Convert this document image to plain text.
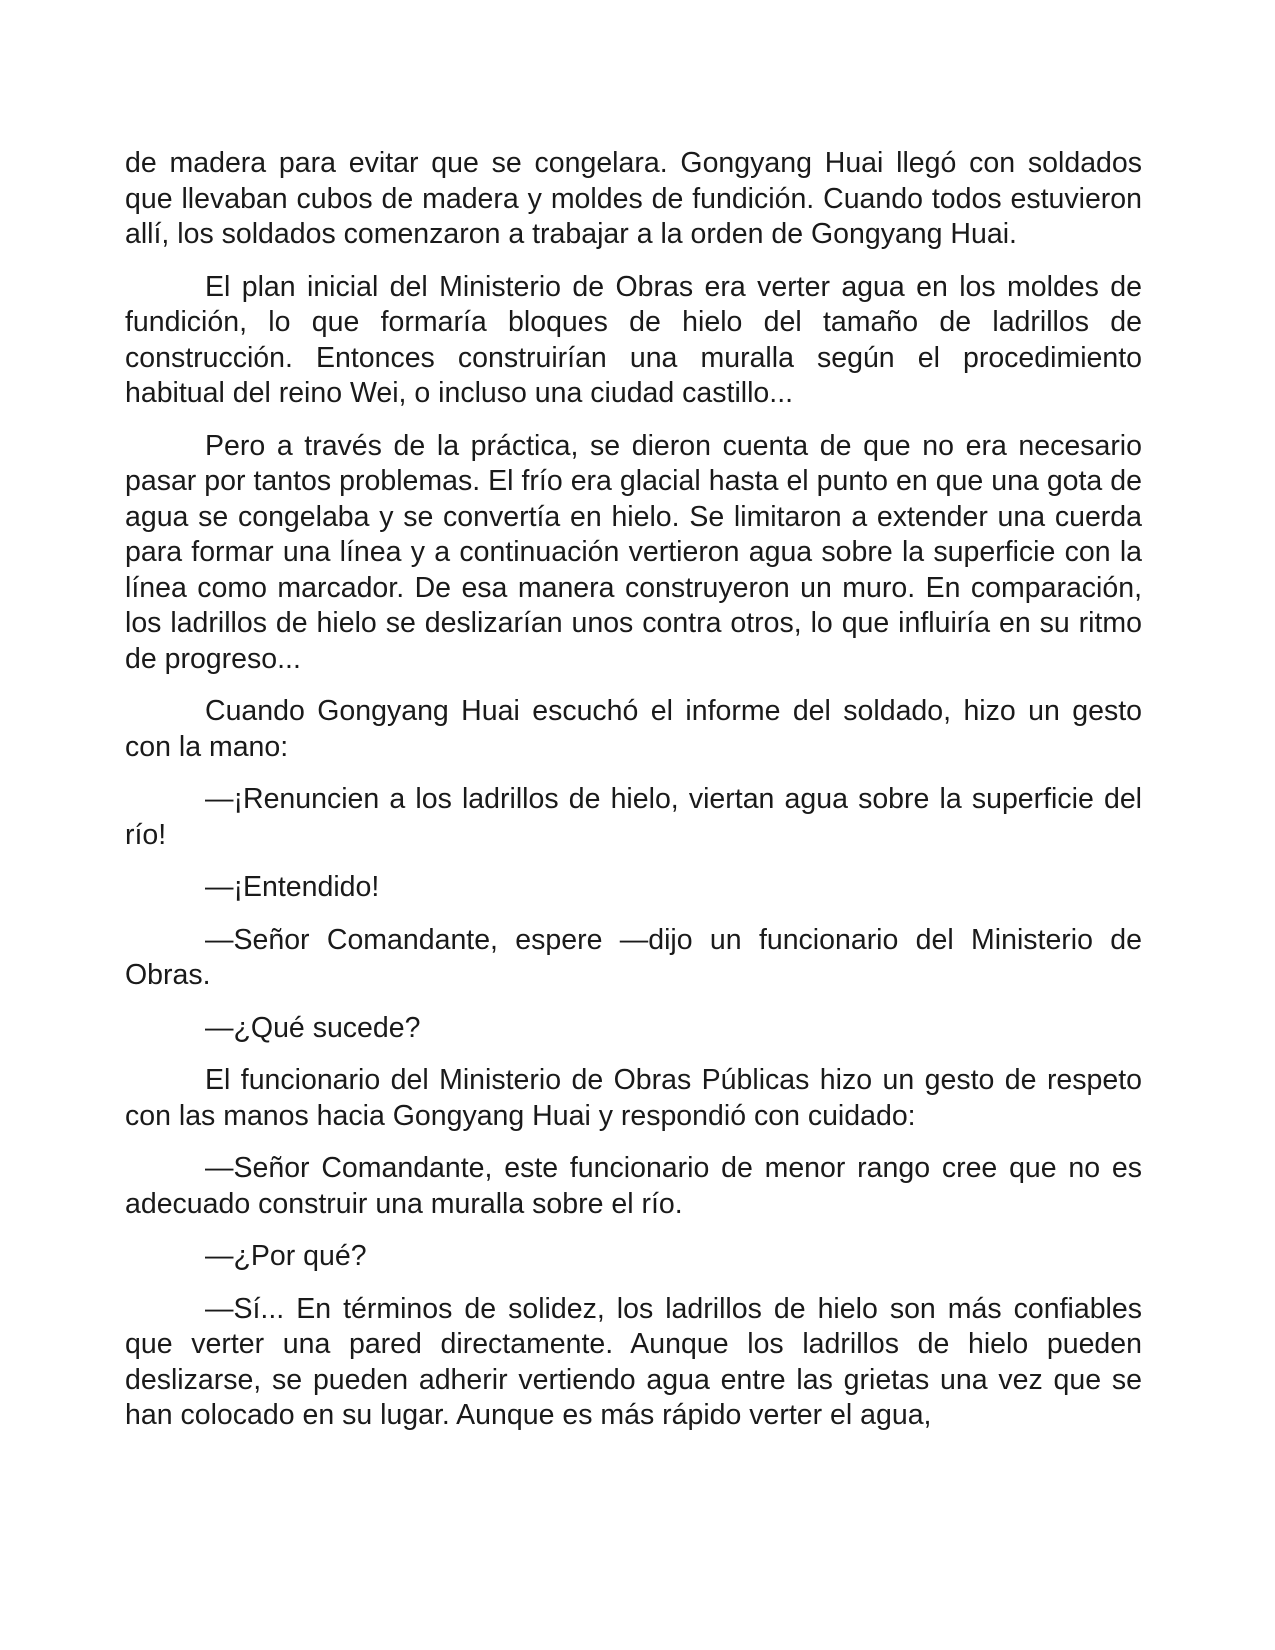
de madera para evitar que se congelara. Gongyang Huai llegó con soldados que llevaban cubos de madera y moldes de fundición. Cuando todos estuvieron allí, los soldados comenzaron a trabajar a la orden de Gongyang Huai.

El plan inicial del Ministerio de Obras era verter agua en los moldes de fundición, lo que formaría bloques de hielo del tamaño de ladrillos de construcción. Entonces construirían una muralla según el procedimiento habitual del reino Wei, o incluso una ciudad castillo...

Pero a través de la práctica, se dieron cuenta de que no era necesario pasar por tantos problemas. El frío era glacial hasta el punto en que una gota de agua se congelaba y se convertía en hielo. Se limitaron a extender una cuerda para formar una línea y a continuación vertieron agua sobre la superficie con la línea como marcador. De esa manera construyeron un muro. En comparación, los ladrillos de hielo se deslizarían unos contra otros, lo que influiría en su ritmo de progreso...

Cuando Gongyang Huai escuchó el informe del soldado, hizo un gesto con la mano:

—¡Renuncien a los ladrillos de hielo, viertan agua sobre la superficie del río!

—¡Entendido!

—Señor Comandante, espere —dijo un funcionario del Ministerio de Obras.

—¿Qué sucede?

El funcionario del Ministerio de Obras Públicas hizo un gesto de respeto con las manos hacia Gongyang Huai y respondió con cuidado:

—Señor Comandante, este funcionario de menor rango cree que no es adecuado construir una muralla sobre el río.

—¿Por qué?

—Sí... En términos de solidez, los ladrillos de hielo son más confiables que verter una pared directamente. Aunque los ladrillos de hielo pueden deslizarse, se pueden adherir vertiendo agua entre las grietas una vez que se han colocado en su lugar. Aunque es más rápido verter el agua,
